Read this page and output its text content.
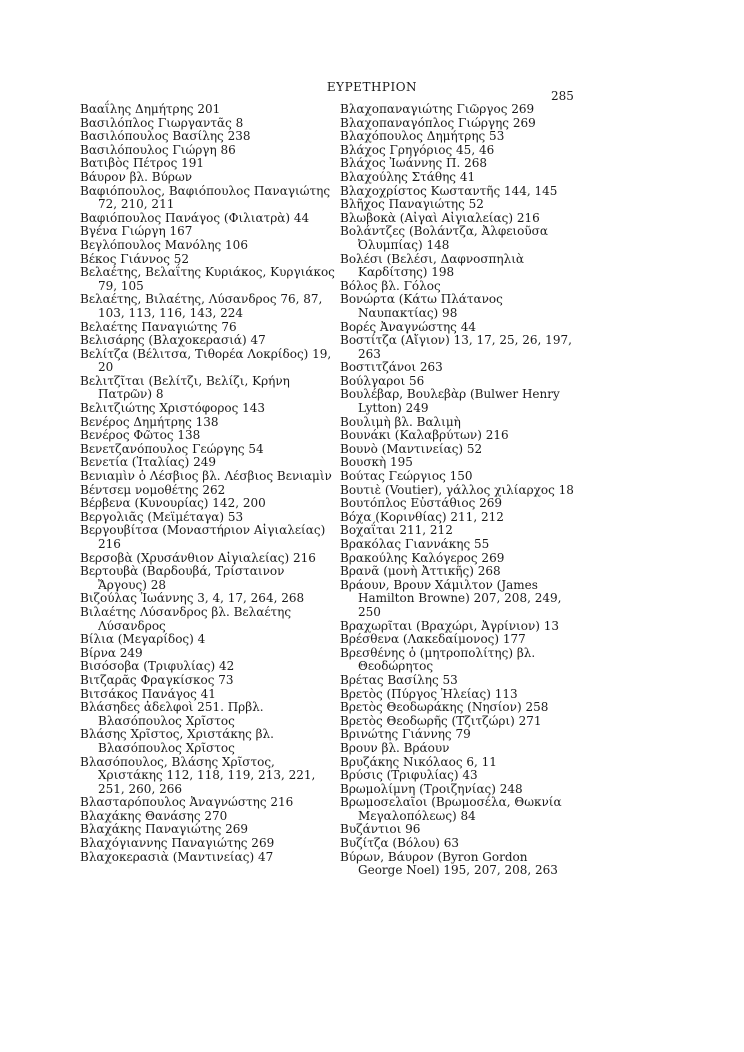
ΕΥΡΕΤΗΡΙΟΝ
285
Βααΐλης Δημήτρης 201
Βασιλόπλος Γιωργαντᾶς 8
Βασιλόπουλος Βασίλης 238
Βασιλόπουλος Γιώργη 86
Βατιβὸς Πέτρος 191
Βάυρον βλ. Βύρων
Βαφιόπουλος, Βαφιόπουλος Παναγιώτης 72, 210, 211
Βαφιόπουλος Πανάγος (Φιλιατρὰ) 44
Βγένα Γιώργη 167
Βεγλόπουλος Μανόλης 106
Βέκος Γιάννος 52
Βελαέτης, Βελαΐτης Κυριάκος, Κυργιάκος 79, 105
Βελαέτης, Βιλαέτης, Λύσανδρος 76, 87, 103, 113, 116, 143, 224
Βελαέτης Παναγιώτης 76
Βελισάρης (Βλαχοκερασιά) 47
Βελίτζα (Βέλιτσα, Τιθορέα Λοκρίδος) 19, 20
Βελιτζῖται (Βελίτζι, Βελίζι, Κρήνη Πατρῶν) 8
Βελιτζιώτης Χριστόφορος 143
Βενέρος Δημήτρης 138
Βενέρος Φῶτος 138
Βενετζανόπουλος Γεώργης 54
Βενετία (Ἰταλίας) 249
Βενιαμὶν ὁ Λέσβιος βλ. Λέσβιος Βενιαμὶν
Βέντσεμ νομοθέτης 262
Βέρβενα (Κυνουρίας) 142, 200
Βεργολιᾶς (Μεϊμέταγα) 53
Βεργουβίτσα (Μοναστήριον Αἰγιαλείας) 216
Βερσοβὰ (Χρυσάνθιον Αἰγιαλείας) 216
Βερτουβὰ (Βαρδουβά, Τρίσταινον Ἄργους) 28
Βιζούλας Ἰωάννης 3, 4, 17, 264, 268
Βιλαέτης Λύσανδρος βλ. Βελαέτης Λύσανδρος
Βίλια (Μεγαρίδος) 4
Βίρνα 249
Βισόσοβα (Τριφυλίας) 42
Βιτζαρᾶς Φραγκίσκος 73
Βιτσάκος Πανάγος 41
Βλάσηδες ἀδελφοὶ 251. Πρβλ. Βλασόπουλος Χρῖστος
Βλάσης Χρῖστος, Χριστάκης βλ. Βλασόπουλος Χρῖστος
Βλασόπουλος, Βλάσης Χρῖστος, Χριστάκης 112, 118, 119, 213, 221, 251, 260, 266
Βλασταρόπουλος Ἀναγνώστης 216
Βλαχάκης Θανάσης 270
Βλαχάκης Παναγιώτης 269
Βλαχόγιαννης Παναγιώτης 269
Βλαχοκερασιὰ (Μαντινείας) 47
Βλαχοπαναγιώτης Γιῶργος 269
Βλαχοπαναγόπλος Γιώργης 269
Βλαχόπουλος Δημήτρης 53
Βλάχος Γρηγόριος 45, 46
Βλάχος Ἰωάννης Π. 268
Βλαχούλης Στάθης 41
Βλαχοχρίστος Κωσταντῆς 144, 145
Βλῆχος Παναγιώτης 52
Βλωβοκὰ (Αἰγαὶ Αἰγιαλείας) 216
Βολάντζες (Βολάντζα, Ἀλφειοῦσα Ὀλυμπίας) 148
Βολέσι (Βελέσι, Δαφνοσπηλιὰ Καρδίτσης) 198
Βόλος βλ. Γόλος
Βονώρτα (Κάτω Πλάτανος Ναυπακτίας) 98
Βορές Ἀναγνώστης 44
Βοστίτζα (Αἴγιον) 13, 17, 25, 26, 197, 263
Βοστιτζάνοι 263
Βούλγαροι 56
Βουλέβαρ, Βουλεβὰρ (Bulwer Henry Lytton) 249
Βουλιμὴ βλ. Βαλιμὴ
Βουνάκι (Καλαβρύτων) 216
Βουνὸ (Μαντινείας) 52
Βουσκὴ 195
Βούτας Γεώργιος 150
Βουτιὲ (Voutier), γάλλος χιλίαρχος 18
Βουτόπλος Εὐστάθιος 269
Βόχα (Κορινθίας) 211, 212
Βοχαΐται 211, 212
Βρακόλας Γιαννάκης 55
Βρακούλης Καλόγερος 269
Βρανᾶ (μονὴ Ἀττικῆς) 268
Βράουν, Βρουν Χάμιλτον (James Hamilton Browne) 207, 208, 249, 250
Βραχωρῖται (Βραχώρι, Ἀγρίνιον) 13
Βρέσθενα (Λακεδαίμονος) 177
Βρεσθένης ὁ (μητροπολίτης) βλ. Θεοδώρητος
Βρέτας Βασίλης 53
Βρετὸς (Πύργος Ἠλείας) 113
Βρετὸς Θεοδωράκης (Νησίον) 258
Βρετὸς Θεοδωρῆς (Τζιτζώρι) 271
Βρινώτης Γιάννης 79
Βρουν βλ. Βράουν
Βρυζάκης Νικόλαος 6, 11
Βρύσις (Τριφυλίας) 43
Βρωμολίμνη (Τροιζηνίας) 248
Βρωμοσελαῖοι (Βρωμοσέλα, Θωκνία Μεγαλοπόλεως) 84
Βυζάντιοι 96
Βυζίτζα (Βόλου) 63
Βύρων, Βάυρον (Byron Gordon George Noel) 195, 207, 208, 263
